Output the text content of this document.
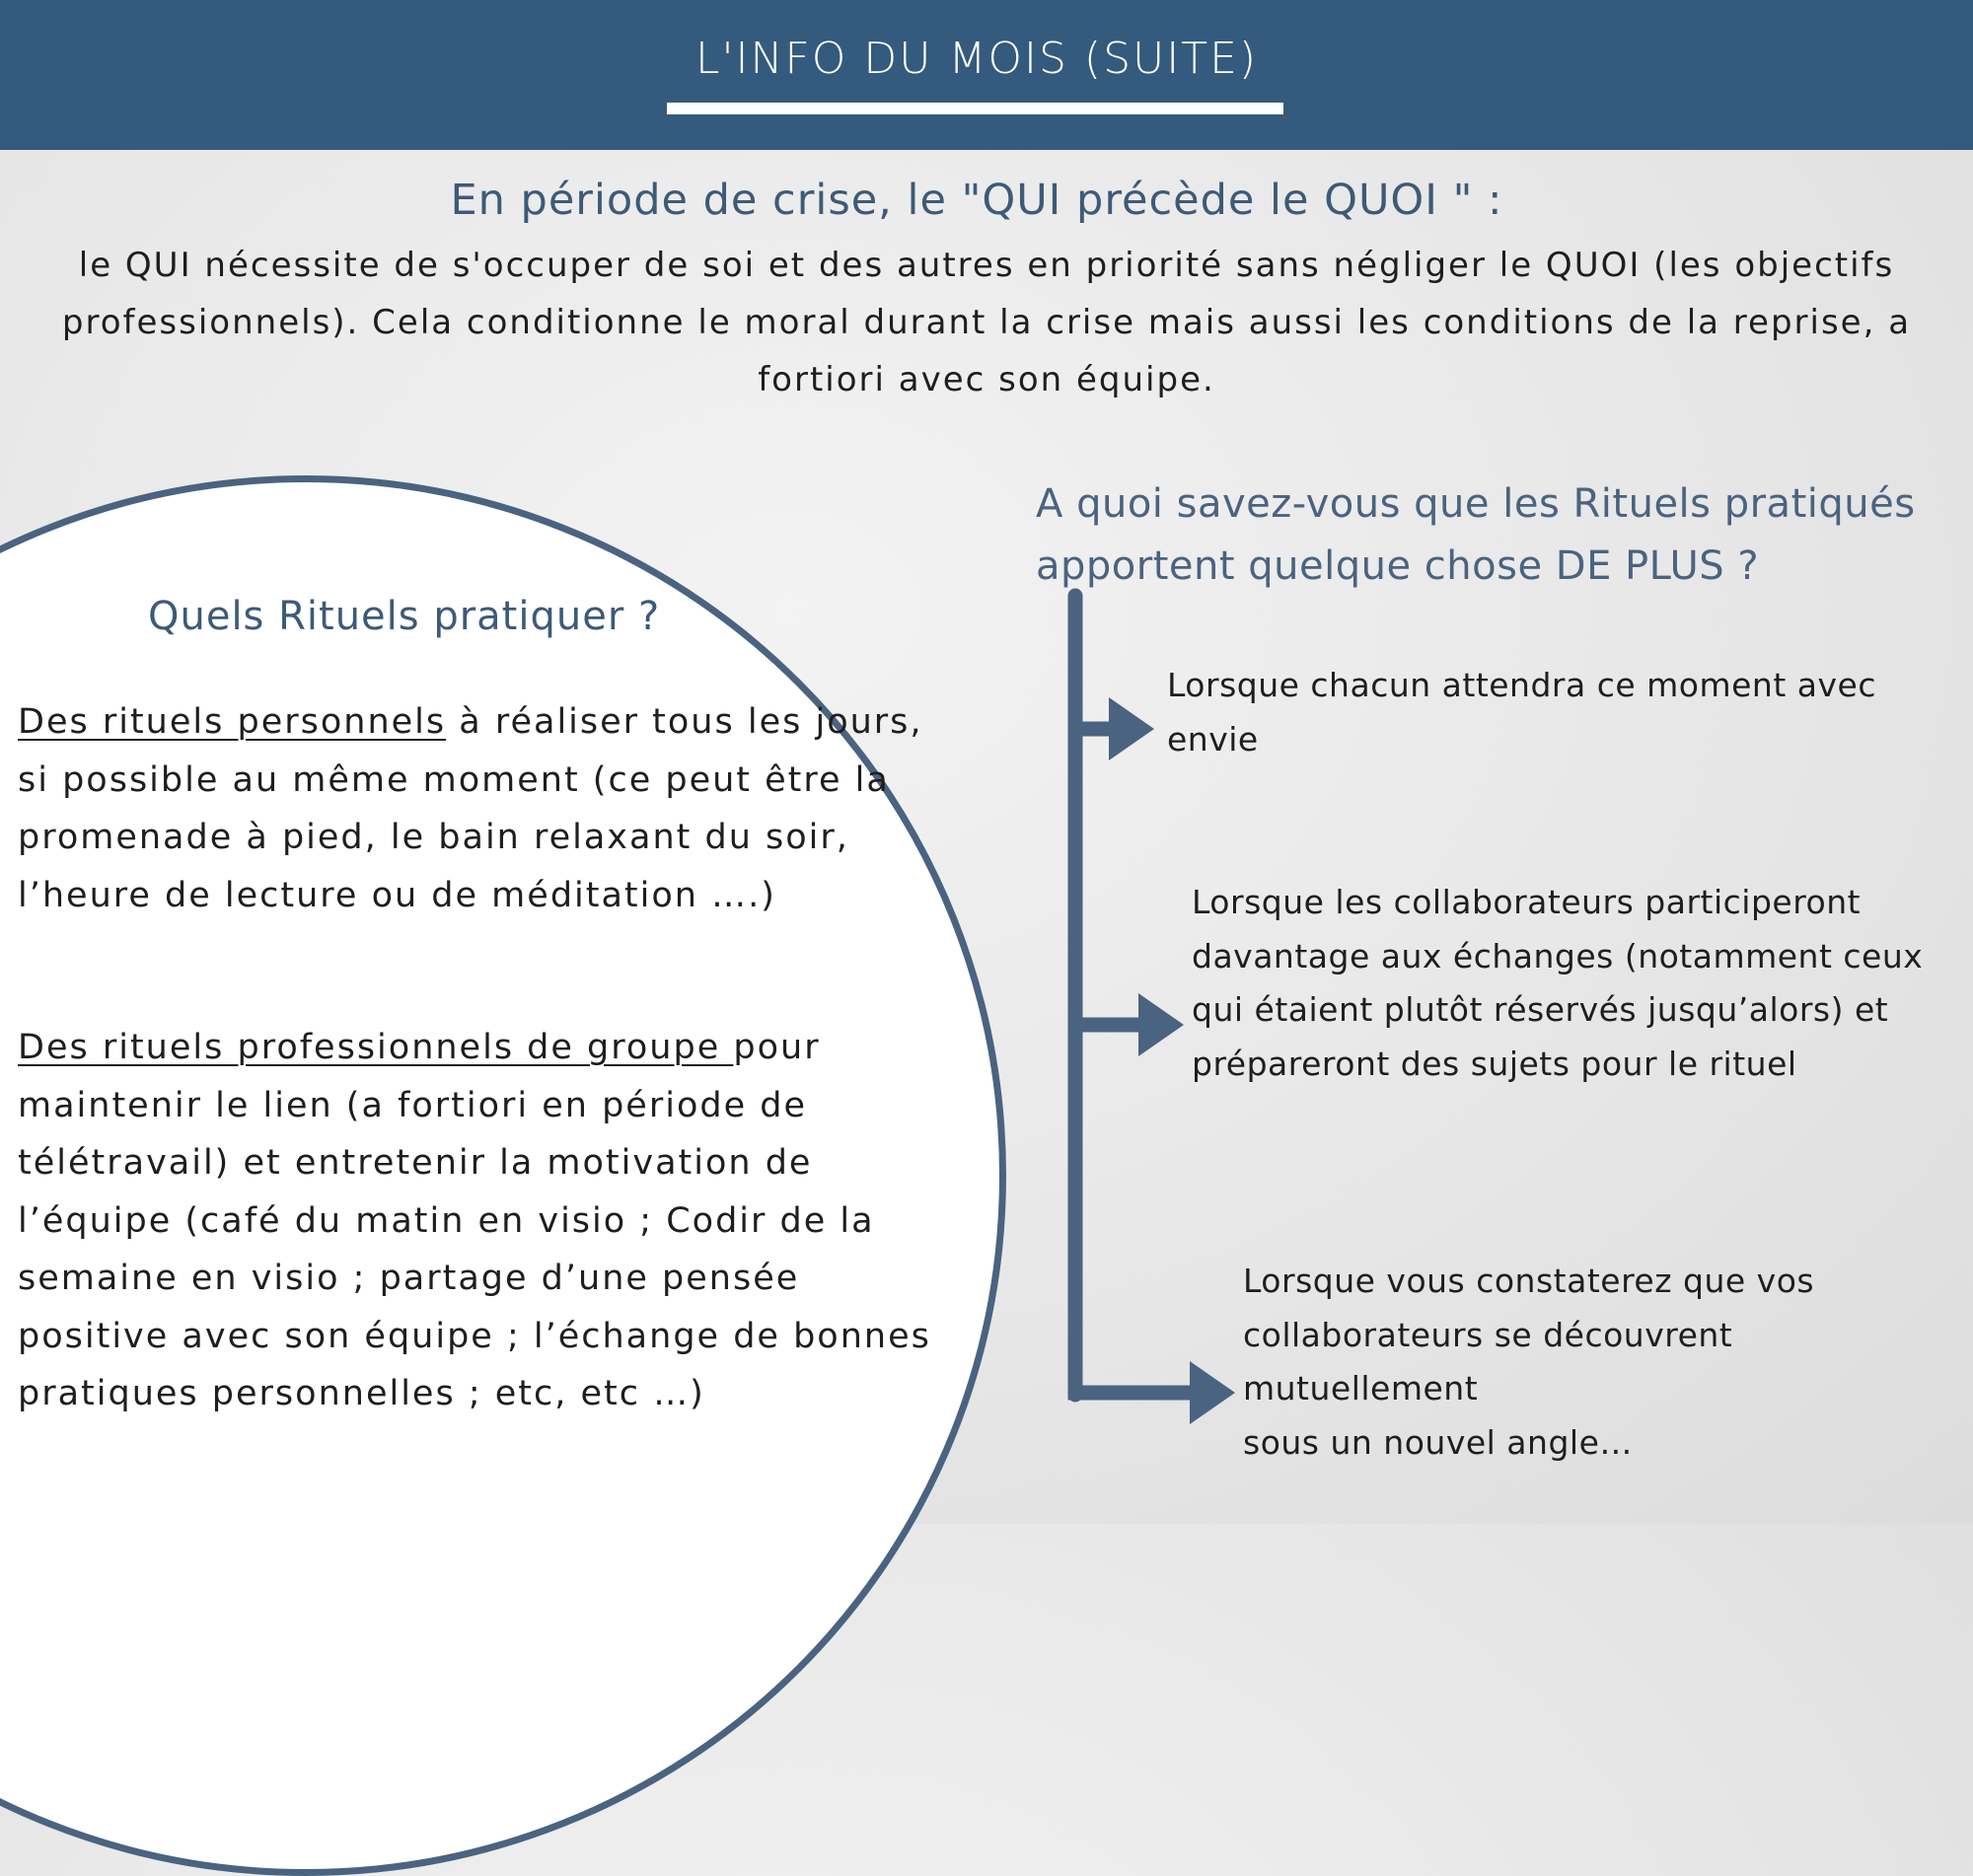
L'INFO DU MOIS (SUITE)
En période de crise, le "QUI précède le QUOI " :
le QUI nécessite de s'occuper de soi et des autres en priorité sans négliger le QUOI (les objectifs professionnels). Cela conditionne le moral durant la crise mais aussi les conditions de la reprise, a fortiori avec son équipe.
Quels Rituels pratiquer ?
Des rituels personnels à réaliser tous les jours, si possible au même moment (ce peut être la promenade à pied, le bain relaxant du soir, l’heure de lecture ou de méditation ….)
Des rituels professionnels de groupe pour maintenir le lien (a fortiori en période de télétravail) et entretenir la motivation de l’équipe (café du matin en visio ; Codir de la semaine en visio ; partage d’une pensée positive avec son équipe ; l’échange de bonnes pratiques personnelles ; etc, etc …)
A quoi savez-vous que les Rituels pratiqués apportent quelque chose DE PLUS ?
Lorsque chacun attendra ce moment avec envie
Lorsque les collaborateurs participeront davantage aux échanges (notamment ceux qui étaient plutôt réservés jusqu’alors) et prépareront des sujets pour le rituel
Lorsque vous constaterez que vos collaborateurs se découvrent mutuellement
sous un nouvel angle…
